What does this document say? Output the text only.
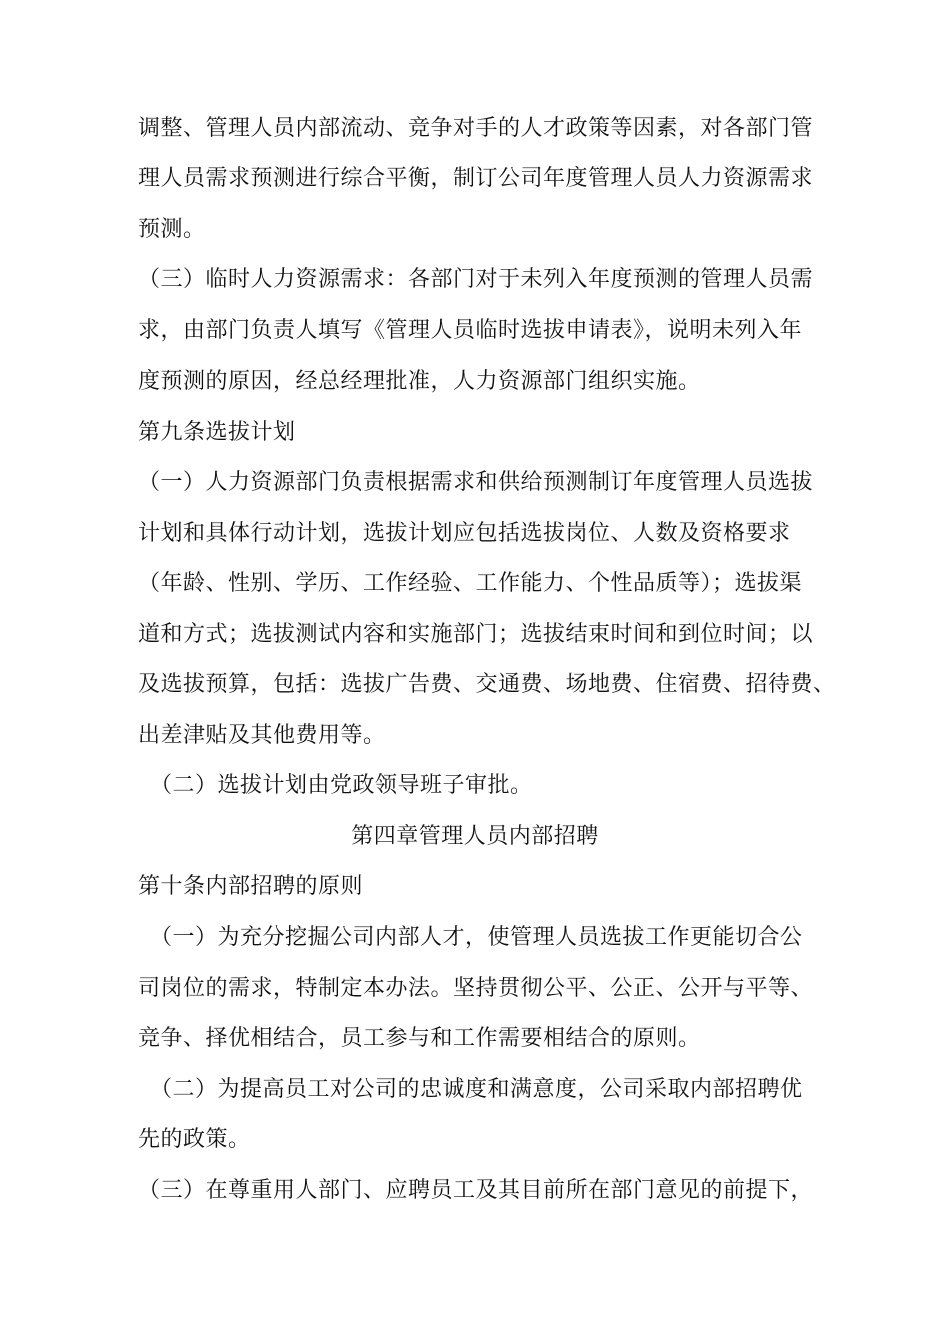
调整、管理人员内部流动、竞争对手的人才政策等因素，对各部门管
理人员需求预测进行综合平衡，制订公司年度管理人员人力资源需求
预测。
（三）临时人力资源需求：各部门对于未列入年度预测的管理人员需
求，由部门负责人填写《管理人员临时选拔申请表》，说明未列入年
度预测的原因，经总经理批准，人力资源部门组织实施。
第九条选拔计划
（一）人力资源部门负责根据需求和供给预测制订年度管理人员选拔
计划和具体行动计划，选拔计划应包括选拔岗位、人数及资格要求
（年龄、性别、学历、工作经验、工作能力、个性品质等）；选拔渠
道和方式；选拔测试内容和实施部门；选拔结束时间和到位时间；以
及选拔预算，包括：选拔广告费、交通费、场地费、住宿费、招待费、
出差津贴及其他费用等。
（二）选拔计划由党政领导班子审批。
第四章管理人员内部招聘
第十条内部招聘的原则
（一）为充分挖掘公司内部人才，使管理人员选拔工作更能切合公
司岗位的需求，特制定本办法。坚持贯彻公平、公正、公开与平等、
竞争、择优相结合，员工参与和工作需要相结合的原则。
（二）为提高员工对公司的忠诚度和满意度，公司采取内部招聘优
先的政策。
（三）在尊重用人部门、应聘员工及其目前所在部门意见的前提下，
